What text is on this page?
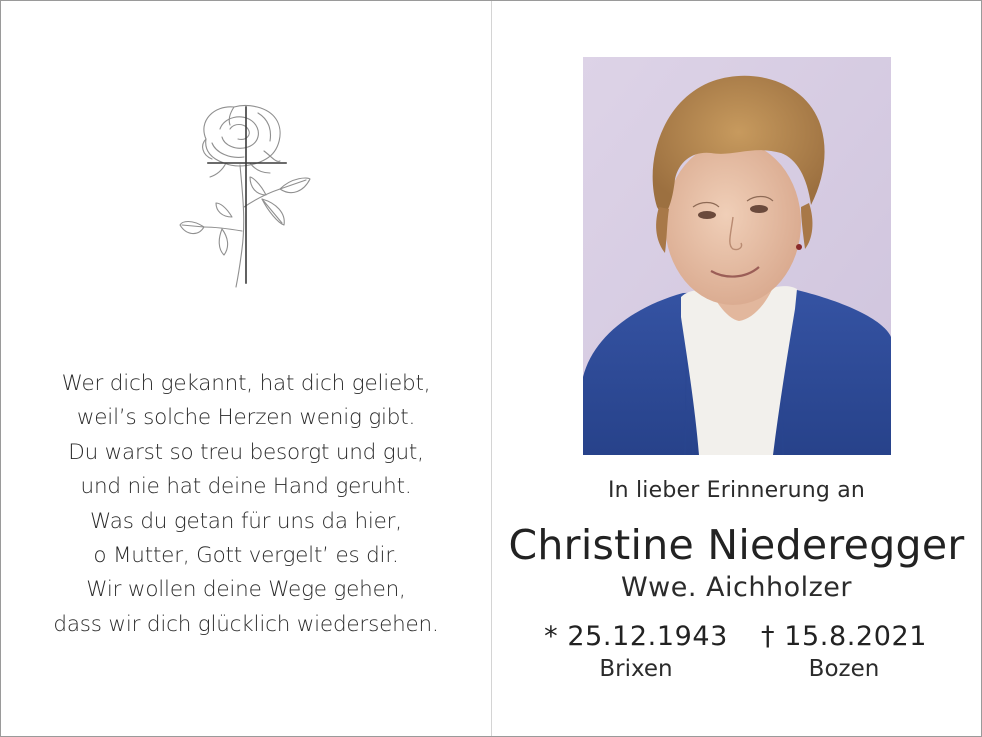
Wer dich gekannt, hat dich geliebt,
weil’s solche Herzen wenig gibt.
Du warst so treu besorgt und gut,
und nie hat deine Hand geruht.
Was du getan für uns da hier,
o Mutter, Gott vergelt’ es dir.
Wir wollen deine Wege gehen,
dass wir dich glücklich wiedersehen.
In lieber Erinnerung an
Christine Niederegger
Wwe. Aichholzer
* 25.12.1943
Brixen
† 15.8.2021
Bozen
